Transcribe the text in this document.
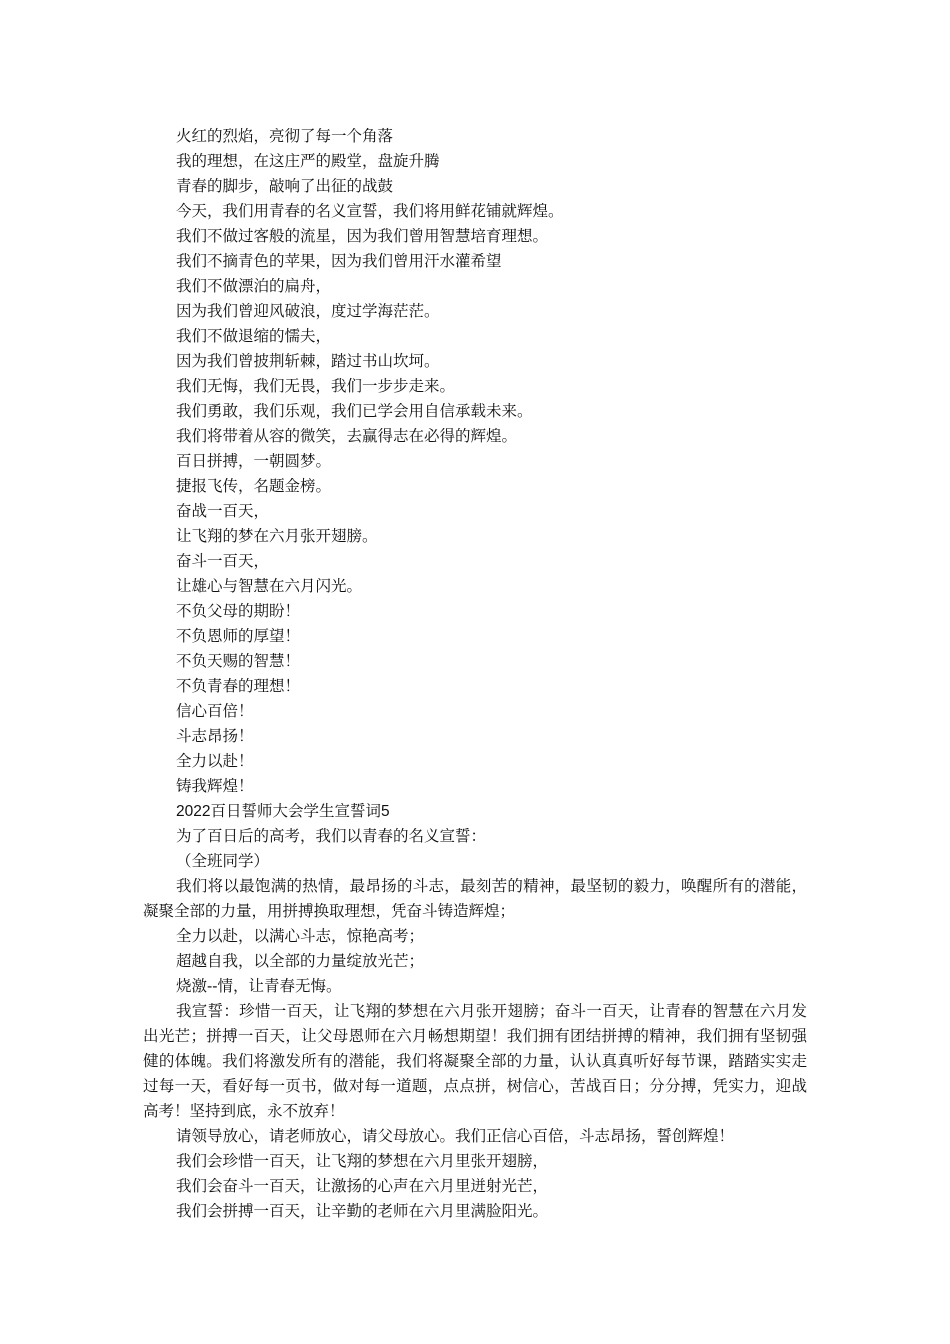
火红的烈焰，亮彻了每一个角落

我的理想，在这庄严的殿堂，盘旋升腾

青春的脚步，敲响了出征的战鼓

今天，我们用青春的名义宣誓，我们将用鲜花铺就辉煌。

我们不做过客般的流星，因为我们曾用智慧培育理想。

我们不摘青色的苹果，因为我们曾用汗水灌希望

我们不做漂泊的扁舟，

因为我们曾迎风破浪，度过学海茫茫。

我们不做退缩的懦夫，

因为我们曾披荆斩棘，踏过书山坎坷。

我们无悔，我们无畏，我们一步步走来。

我们勇敢，我们乐观，我们已学会用自信承载未来。

我们将带着从容的微笑，去赢得志在必得的辉煌。

百日拼搏，一朝圆梦。

捷报飞传，名题金榜。

奋战一百天，

让飞翔的梦在六月张开翅膀。

奋斗一百天，

让雄心与智慧在六月闪光。

不负父母的期盼！

不负恩师的厚望！

不负天赐的智慧！

不负青春的理想！

信心百倍！

斗志昂扬！

全力以赴！

铸我辉煌！

2022百日誓师大会学生宣誓词5

为了百日后的高考，我们以青春的名义宣誓：

（全班同学）

我们将以最饱满的热情，最昂扬的斗志，最刻苦的精神，最坚韧的毅力，唤醒所有的潜能，凝聚全部的力量，用拼搏换取理想，凭奋斗铸造辉煌；

全力以赴，以满心斗志，惊艳高考；

超越自我，以全部的力量绽放光芒；

烧激--情，让青春无悔。

我宣誓：珍惜一百天，让飞翔的梦想在六月张开翅膀；奋斗一百天，让青春的智慧在六月发出光芒；拼搏一百天，让父母恩师在六月畅想期望！我们拥有团结拼搏的精神，我们拥有坚韧强健的体魄。我们将激发所有的潜能，我们将凝聚全部的力量，认认真真听好每节课，踏踏实实走过每一天，看好每一页书，做对每一道题，点点拼，树信心，苦战百日；分分搏，凭实力，迎战高考！坚持到底，永不放弃！

请领导放心，请老师放心，请父母放心。我们正信心百倍，斗志昂扬，誓创辉煌！

我们会珍惜一百天，让飞翔的梦想在六月里张开翅膀，

我们会奋斗一百天，让激扬的心声在六月里迸射光芒，

我们会拼搏一百天，让辛勤的老师在六月里满脸阳光。
